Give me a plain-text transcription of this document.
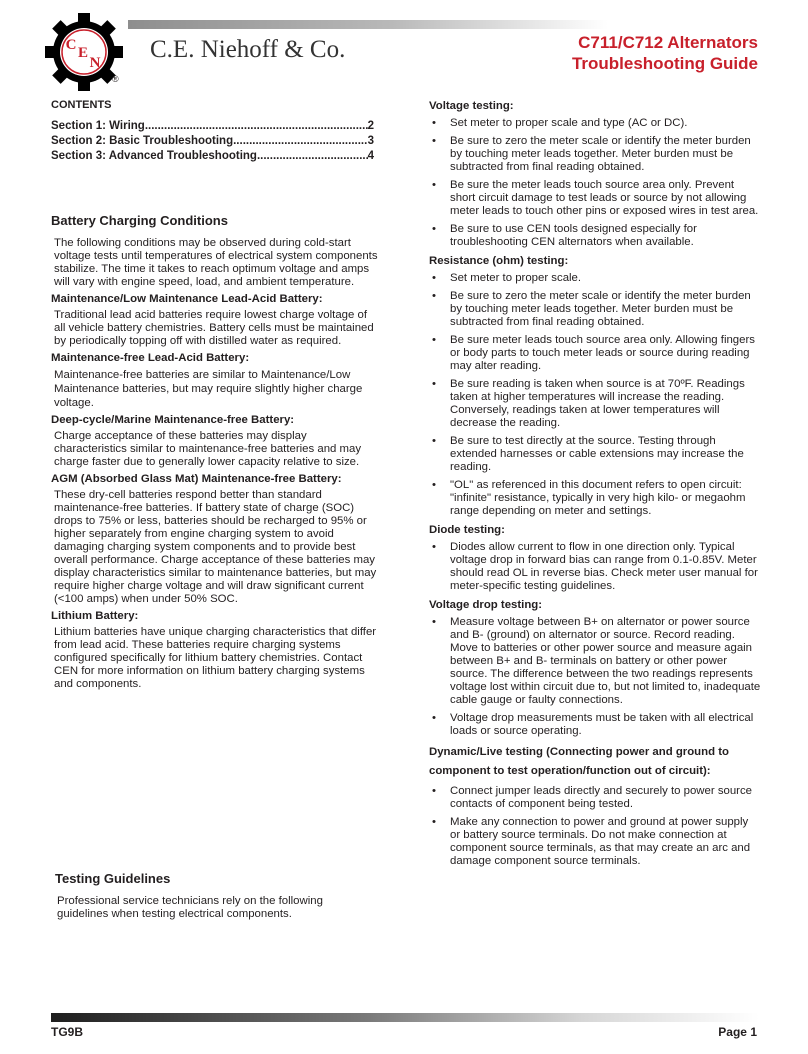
C E
N
®
C.E. Niehoff & Co.	C711/C712 Alternators
Troubleshooting Guide
CONTENTS
Section 1: Wiring .....	2
Section 2: Basic Troubleshooting .....	3
Section 3: Advanced Troubleshooting .....	4
Battery Charging Conditions

The following conditions may be observed during cold-start voltage tests until temperatures of electrical system components stabilize. The time it takes to reach optimum voltage and amps will vary with engine speed, load, and ambient temperature.

Maintenance/Low Maintenance Lead-Acid Battery:

Traditional lead acid batteries require lowest charge voltage of all vehicle battery chemistries. Battery cells must be maintained by periodically topping off with distilled water as required.

Maintenance-free Lead-Acid Battery:

Maintenance-free batteries are similar to Maintenance/Low Maintenance batteries, but may require slightly higher charge voltage.

Deep-cycle/Marine Maintenance-free Battery:

Charge acceptance of these batteries may display characteristics similar to maintenance-free batteries and may charge faster due to generally lower capacity relative to size.

AGM (Absorbed Glass Mat) Maintenance-free Battery:

These dry-cell batteries respond better than standard maintenance-free batteries. If battery state of charge (SOC) drops to 75% or less, batteries should be recharged to 95% or higher separately from engine charging system to avoid damaging charging system components and to provide best overall performance. Charge acceptance of these batteries may display characteristics similar to maintenance batteries, but may require higher charge voltage and will draw significant current (<100 amps) when under 50% SOC.

Lithium Battery:

Lithium batteries have unique charging characteristics that differ from lead acid. These batteries require charging systems configured specifically for lithium battery chemistries. Contact CEN for more information on lithium battery charging systems and components.

Testing Guidelines

Professional service technicians rely on the following guidelines when testing electrical components.

Voltage testing:
• Set meter to proper scale and type (AC or DC).
• Be sure to zero the meter scale or identify the meter burden by touching meter leads together. Meter burden must be subtracted from final reading obtained.
• Be sure the meter leads touch source area only. Prevent short circuit damage to test leads or source by not allowing meter leads to touch other pins or exposed wires in test area.
• Be sure to use CEN tools designed especially for troubleshooting CEN alternators when available.
Resistance (ohm) testing:
• Set meter to proper scale.
• Be sure to zero the meter scale or identify the meter burden by touching meter leads together. Meter burden must be subtracted from final reading obtained.
• Be sure meter leads touch source area only. Allowing fingers or body parts to touch meter leads or source during reading may alter reading.
• Be sure reading is taken when source is at 70ºF. Readings taken at higher temperatures will increase the reading. Conversely, readings taken at lower temperatures will decrease the reading.
• Be sure to test directly at the source. Testing through extended harnesses or cable extensions may increase the reading.
• "OL" as referenced in this document refers to open circuit: "infinite" resistance, typically in very high kilo- or megaohm range depending on meter and settings.
Diode testing:
• Diodes allow current to flow in one direction only. Typical voltage drop in forward bias can range from 0.1-0.85V. Meter should read OL in reverse bias. Check meter user manual for meter-specific testing guidelines.
Voltage drop testing:
• Measure voltage between B+ on alternator or power source and B- (ground) on alternator or source. Record reading. Move to batteries or other power source and measure again between B+ and B- terminals on battery or other power source. The difference between the two readings represents voltage lost within circuit due to, but not limited to, inadequate cable gauge or faulty connections.
• Voltage drop measurements must be taken with all electrical loads or source operating.
Dynamic/Live testing (Connecting power and ground to component to test operation/function out of circuit):
• Connect jumper leads directly and securely to power source contacts of component being tested.
• Make any connection to power and ground at power supply or battery source terminals. Do not make connection at component source terminals, as that may create an arc and damage component source terminals.
TG9B	Page 1
